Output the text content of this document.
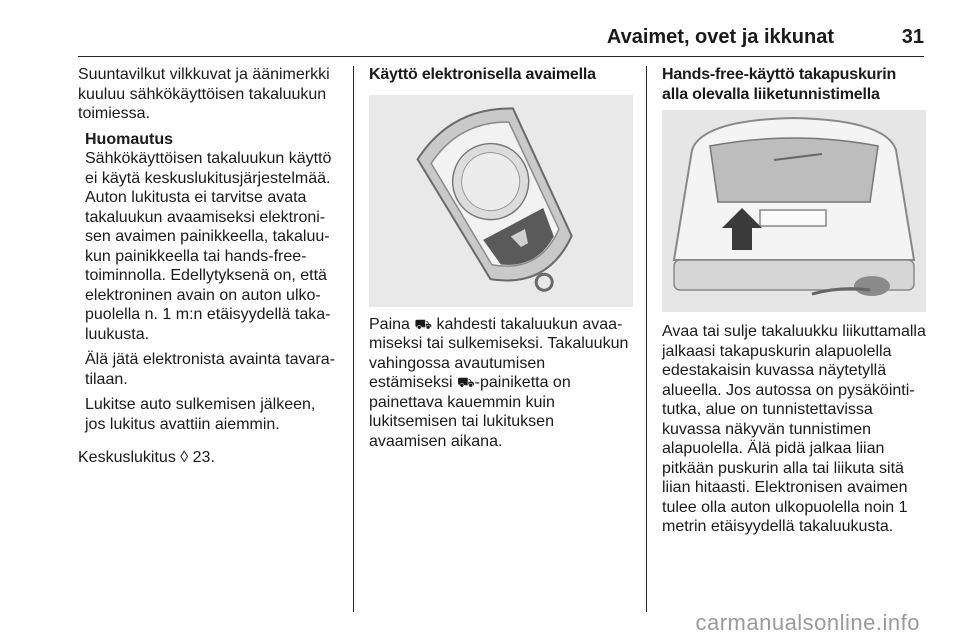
Avaimet, ovet ja ikkunat	31

Suuntavilkut vilkkuvat ja äänimerkki kuuluu sähkökäyttöisen takaluukun toimiessa.

Huomautus

Sähkökäyttöisen takaluukun käyttö ei käytä keskuslukitusjärjestelmää. Auton lukitusta ei tarvitse avata takaluukun avaamiseksi elektronisen avaimen painikkeella, takaluukun painikkeella tai hands-free-toiminnolla. Edellytyksenä on, että elektroninen avain on auton ulkopuolella n. 1 m:n etäisyydellä takaluukusta.

Älä jätä elektronista avainta tavaratilaan.

Lukitse auto sulkemisen jälkeen, jos lukitus avattiin aiemmin.

Keskuslukitus ◊ 23.

Käyttö elektronisella avaimella

Paina ⛟ kahdesti takaluukun avaamiseksi tai sulkemiseksi. Takaluukun vahingossa avautumisen estämiseksi ⛟-painiketta on painettava kauemmin kuin lukitsemisen tai lukituksen avaamisen aikana.

Hands-free-käyttö takapuskurin alla olevalla liiketunnistimella

Avaa tai sulje takaluukku liikuttamalla jalkaasi takapuskurin alapuolella edestakaisin kuvassa näytetyllä alueella. Jos autossa on pysäköintitutka, alue on tunnistettavissa kuvassa näkyvän tunnistimen alapuolella. Älä pidä jalkaa liian pitkään puskurin alla tai liikuta sitä liian hitaasti. Elektronisen avaimen tulee olla auton ulkopuolella noin 1 metrin etäisyydellä takaluukusta.

carmanualsonline.info
